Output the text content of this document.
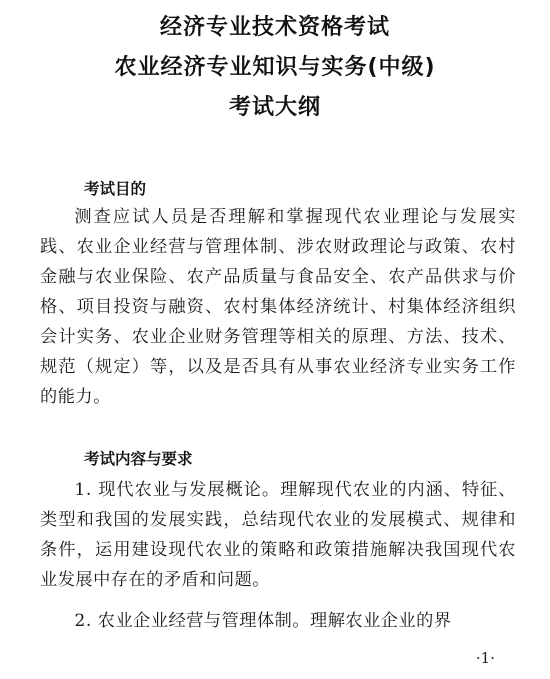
经济专业技术资格考试
农业经济专业知识与实务(中级)
考试大纲
考试目的
测查应试人员是否理解和掌握现代农业理论与发展实践、农业企业经营与管理体制、涉农财政理论与政策、农村金融与农业保险、农产品质量与食品安全、农产品供求与价格、项目投资与融资、农村集体经济统计、村集体经济组织会计实务、农业企业财务管理等相关的原理、方法、技术、规范（规定）等，以及是否具有从事农业经济专业实务工作的能力。
考试内容与要求
1. 现代农业与发展概论。理解现代农业的内涵、特征、类型和我国的发展实践，总结现代农业的发展模式、规律和条件，运用建设现代农业的策略和政策措施解决我国现代农业发展中存在的矛盾和问题。
2. 农业企业经营与管理体制。理解农业企业的界
·1·
